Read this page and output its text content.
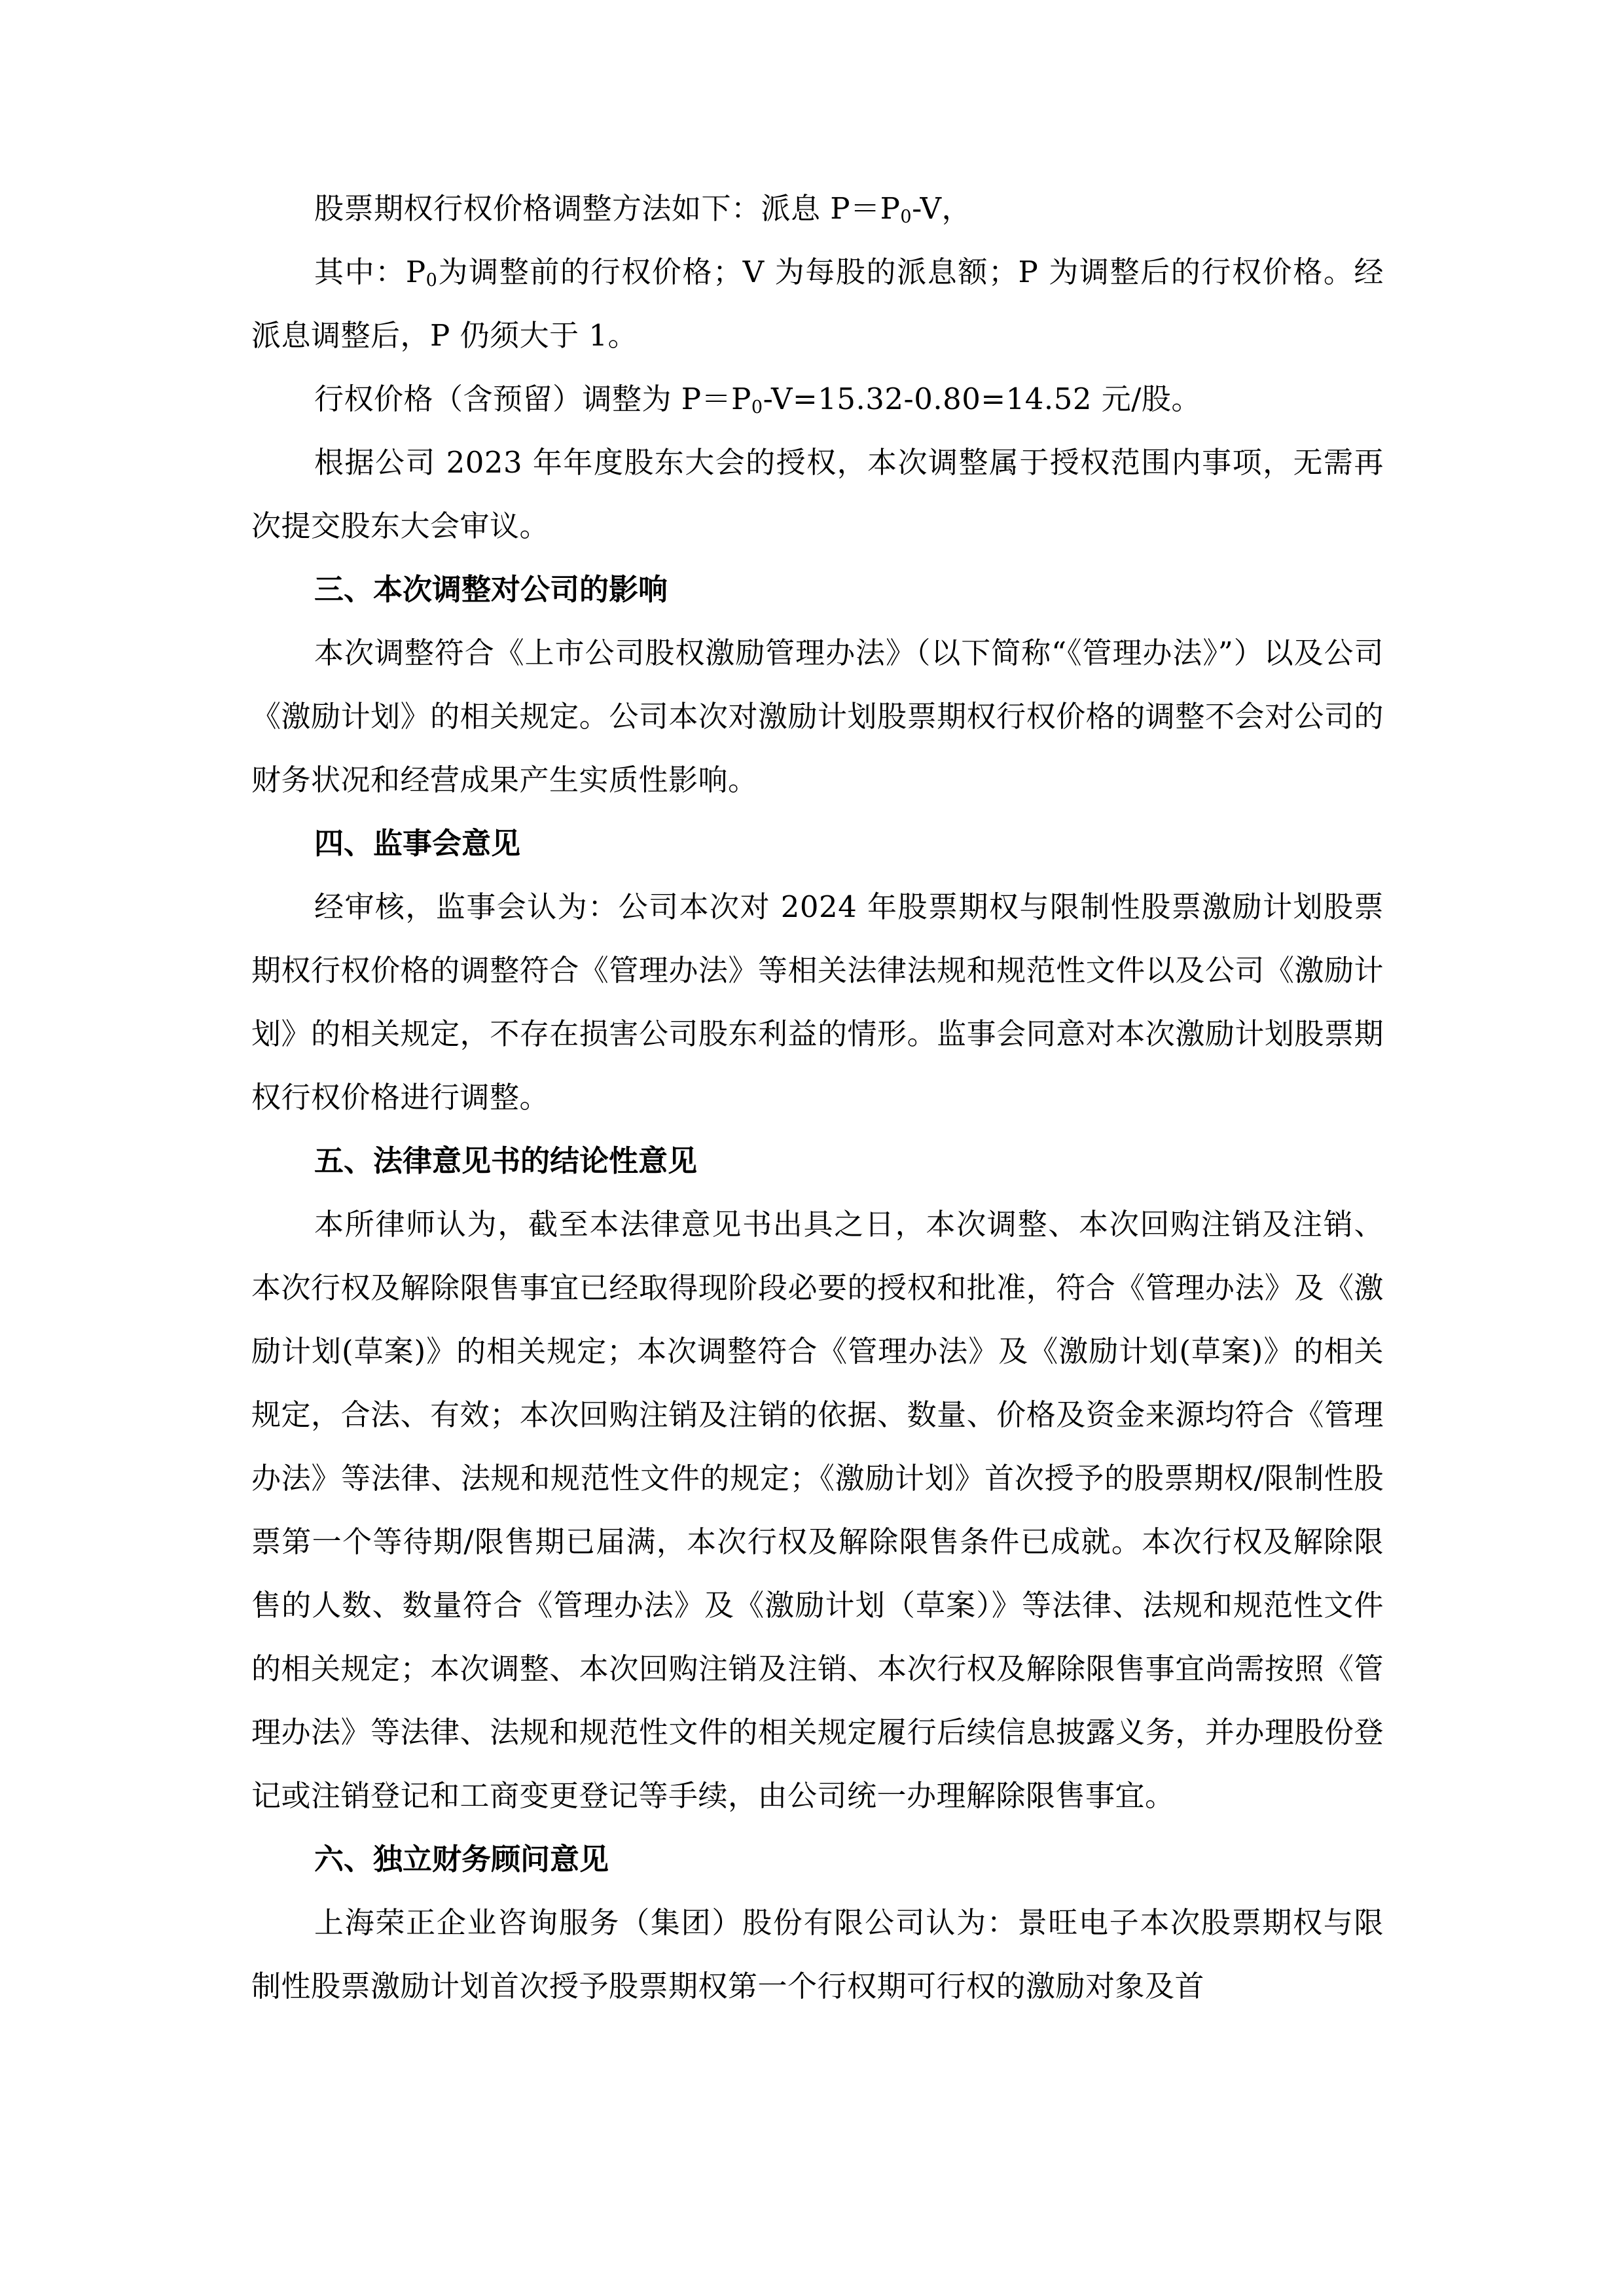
股票期权行权价格调整方法如下：派息 $P=P_0-V$，

其中：$P_0$为调整前的行权价格；V 为每股的派息额；P 为调整后的行权价格。经派息调整后，P 仍须大于 1。

行权价格（含预留）调整为 $P=P_0-V=15.32-0.80=14.52$ 元/股。

根据公司 2023 年年度股东大会的授权，本次调整属于授权范围内事项，无需再次提交股东大会审议。

三、本次调整对公司的影响

本次调整符合《上市公司股权激励管理办法》（以下简称“《管理办法》”）以及公司《激励计划》的相关规定。公司本次对激励计划股票期权行权价格的调整不会对公司的财务状况和经营成果产生实质性影响。

四、监事会意见

经审核，监事会认为：公司本次对 2024 年股票期权与限制性股票激励计划股票期权行权价格的调整符合《管理办法》等相关法律法规和规范性文件以及公司《激励计划》的相关规定，不存在损害公司股东利益的情形。监事会同意对本次激励计划股票期权行权价格进行调整。

五、法律意见书的结论性意见

本所律师认为，截至本法律意见书出具之日，本次调整、本次回购注销及注销、本次行权及解除限售事宜已经取得现阶段必要的授权和批准，符合《管理办法》及《激励计划(草案)》的相关规定；本次调整符合《管理办法》及《激励计划(草案)》的相关规定，合法、有效；本次回购注销及注销的依据、数量、价格及资金来源均符合《管理办法》等法律、法规和规范性文件的规定；《激励计划》首次授予的股票期权/限制性股票第一个等待期/限售期已届满，本次行权及解除限售条件已成就。本次行权及解除限售的人数、数量符合《管理办法》及《激励计划（草案）》等法律、法规和规范性文件的相关规定；本次调整、本次回购注销及注销、本次行权及解除限售事宜尚需按照《管理办法》等法律、法规和规范性文件的相关规定履行后续信息披露义务，并办理股份登记或注销登记和工商变更登记等手续，由公司统一办理解除限售事宜。

六、独立财务顾问意见

上海荣正企业咨询服务（集团）股份有限公司认为：景旺电子本次股票期权与限制性股票激励计划首次授予股票期权第一个行权期可行权的激励对象及首
